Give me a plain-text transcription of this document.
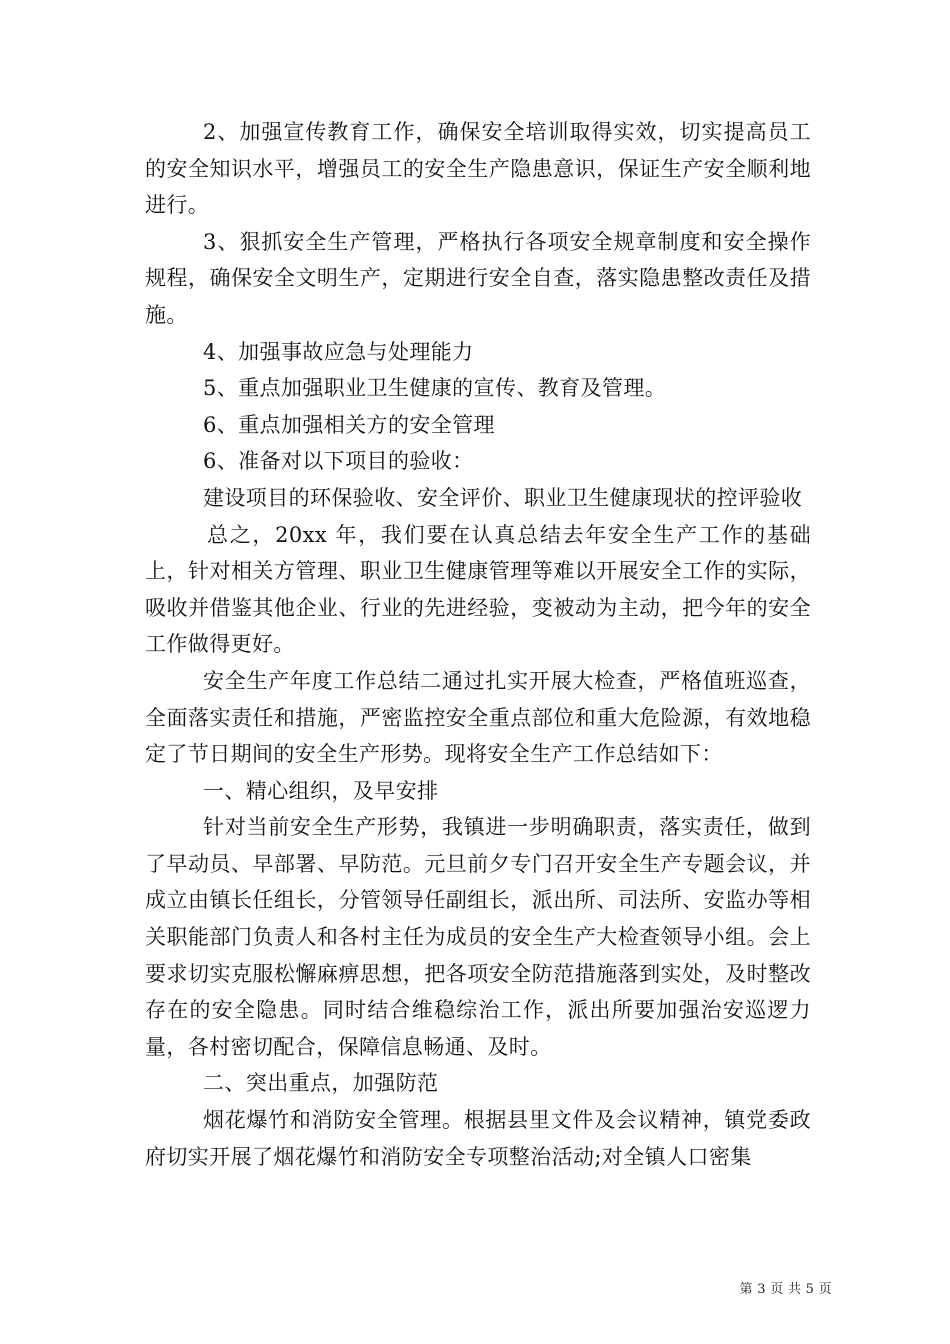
2、加强宣传教育工作，确保安全培训取得实效，切实提高员工的安全知识水平，增强员工的安全生产隐患意识，保证生产安全顺利地进行。

3、狠抓安全生产管理，严格执行各项安全规章制度和安全操作规程，确保安全文明生产，定期进行安全自查，落实隐患整改责任及措施。

4、加强事故应急与处理能力

5、重点加强职业卫生健康的宣传、教育及管理。

6、重点加强相关方的安全管理

6、准备对以下项目的验收：

建设项目的环保验收、安全评价、职业卫生健康现状的控评验收

总之，20xx 年，我们要在认真总结去年安全生产工作的基础上，针对相关方管理、职业卫生健康管理等难以开展安全工作的实际，吸收并借鉴其他企业、行业的先进经验，变被动为主动，把今年的安全工作做得更好。

安全生产年度工作总结二通过扎实开展大检查，严格值班巡查，全面落实责任和措施，严密监控安全重点部位和重大危险源，有效地稳定了节日期间的安全生产形势。现将安全生产工作总结如下：

一、精心组织，及早安排

针对当前安全生产形势，我镇进一步明确职责，落实责任，做到了早动员、早部署、早防范。元旦前夕专门召开安全生产专题会议，并成立由镇长任组长，分管领导任副组长，派出所、司法所、安监办等相关职能部门负责人和各村主任为成员的安全生产大检查领导小组。会上要求切实克服松懈麻痹思想，把各项安全防范措施落到实处，及时整改存在的安全隐患。同时结合维稳综治工作，派出所要加强治安巡逻力量，各村密切配合，保障信息畅通、及时。

二、突出重点，加强防范

烟花爆竹和消防安全管理。根据县里文件及会议精神，镇党委政府切实开展了烟花爆竹和消防安全专项整治活动;对全镇人口密集

第 3 页 共 5 页
